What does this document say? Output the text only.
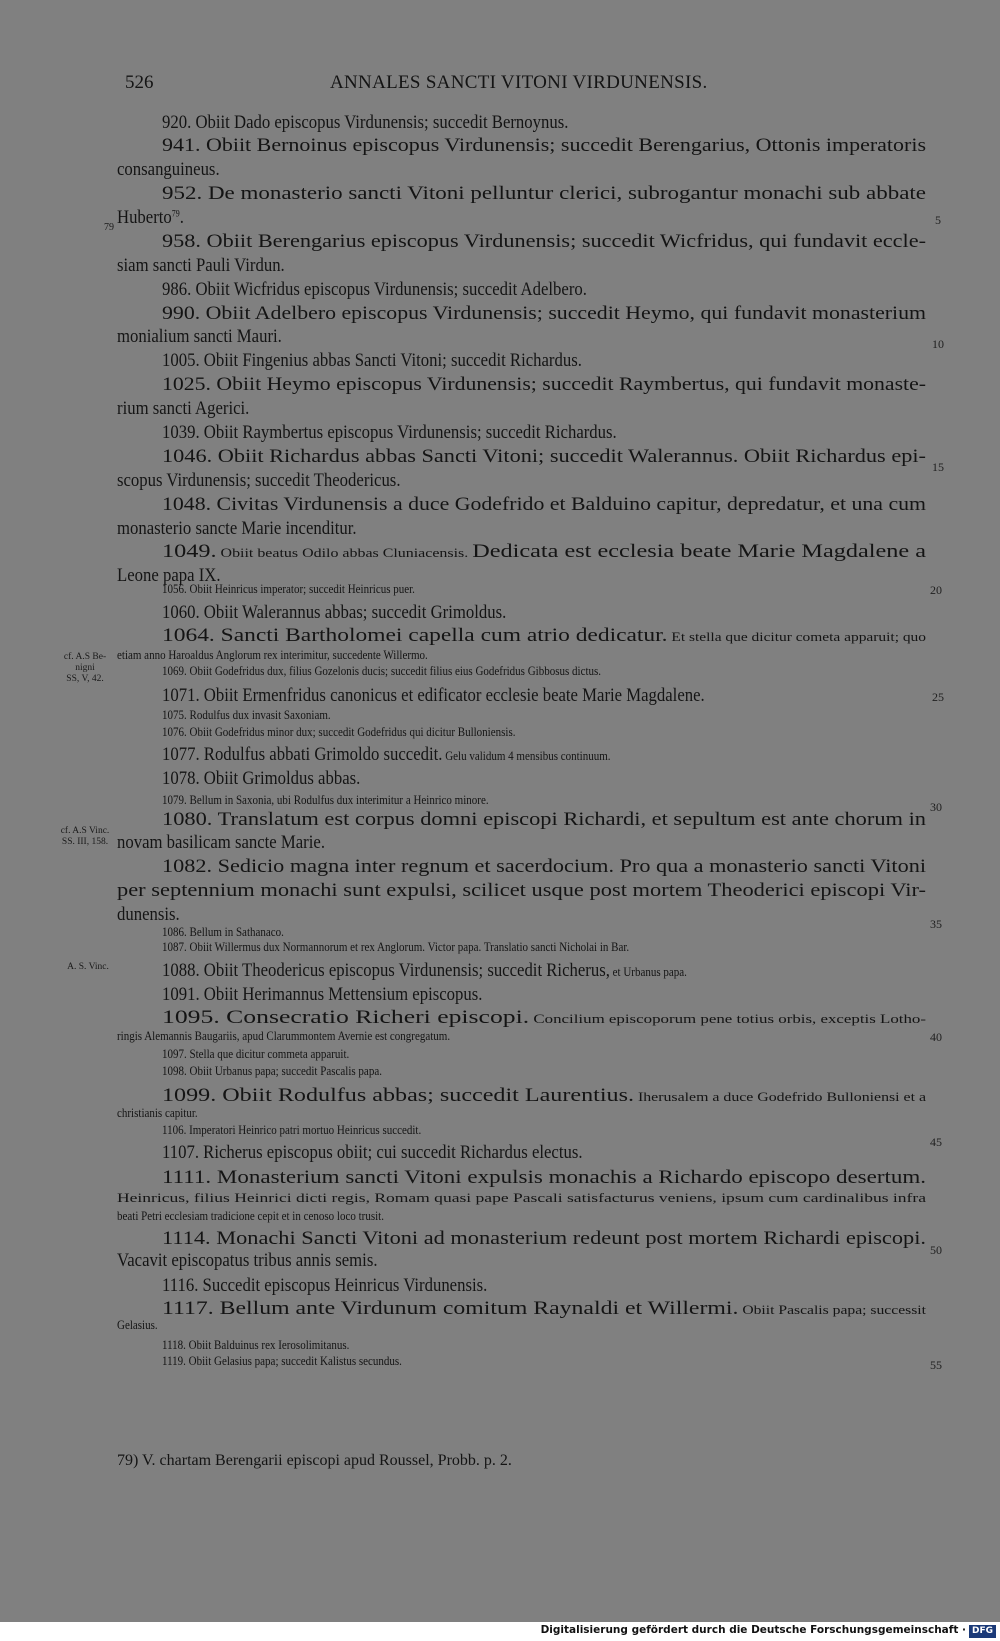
526	ANNALES SANCTI VITONI VIRDUNENSIS.
920. Obiit Dado episcopus Virdunensis; succedit Bernoynus.
941. Obiit Bernoinus episcopus Virdunensis; succedit Berengarius, Ottonis imperatoris
consanguineus.
952. De monasterio sancti Vitoni pelluntur clerici, subrogantur monachi sub abbate
Huberto$^{79}$.
958. Obiit Berengarius episcopus Virdunensis; succedit Wicfridus, qui fundavit eccle-
siam sancti Pauli Virdun.
986. Obiit Wicfridus episcopus Virdunensis; succedit Adelbero.
990. Obiit Adelbero episcopus Virdunensis; succedit Heymo, qui fundavit monasterium
monialium sancti Mauri.
1005. Obiit Fingenius abbas Sancti Vitoni; succedit Richardus.
1025. Obiit Heymo episcopus Virdunensis; succedit Raymbertus, qui fundavit monaste-
rium sancti Agerici.
1039. Obiit Raymbertus episcopus Virdunensis; succedit Richardus.
1046. Obiit Richardus abbas Sancti Vitoni; succedit Walerannus. Obiit Richardus epi-
scopus Virdunensis; succedit Theodericus.
1048. Civitas Virdunensis a duce Godefrido et Balduino capitur, depredatur, et una cum
monasterio sancte Marie incenditur.
1049. Obiit beatus Odilo abbas Cluniacensis. Dedicata est ecclesia beate Marie Magdalene a
Leone papa IX.
1056. Obiit Heinricus imperator; succedit Heinricus puer.
1060. Obiit Walerannus abbas; succedit Grimoldus.
1064. Sancti Bartholomei capella cum atrio dedicatur. Et stella que dicitur cometa apparuit; quo
etiam anno Haroaldus Anglorum rex interimitur, succedente Willermo.
1069. Obiit Godefridus dux, filius Gozelonis ducis; succedit filius eius Godefridus Gibbosus dictus.
1071. Obiit Ermenfridus canonicus et edificator ecclesie beate Marie Magdalene.
1075. Rodulfus dux invasit Saxoniam.
1076. Obiit Godefridus minor dux; succedit Godefridus qui dicitur Bulloniensis.
1077. Rodulfus abbati Grimoldo succedit. Gelu validum 4 mensibus continuum.
1078. Obiit Grimoldus abbas.
1079. Bellum in Saxonia, ubi Rodulfus dux interimitur a Heinrico minore.
1080. Translatum est corpus domni episcopi Richardi, et sepultum est ante chorum in
novam basilicam sancte Marie.
1082. Sedicio magna inter regnum et sacerdocium. Pro qua a monasterio sancti Vitoni
per septennium monachi sunt expulsi, scilicet usque post mortem Theoderici episcopi Vir-
dunensis.
1086. Bellum in Sathanaco.
1087. Obiit Willermus dux Normannorum et rex Anglorum. Victor papa. Translatio sancti Nicholai in Bar.
1088. Obiit Theodericus episcopus Virdunensis; succedit Richerus, et Urbanus papa.
1091. Obiit Herimannus Mettensium episcopus.
1095. Consecratio Richeri episcopi. Concilium episcoporum pene totius orbis, exceptis Lotho-
ringis Alemannis Baugariis, apud Clarummontem Avernie est congregatum.
1097. Stella que dicitur commeta apparuit.
1098. Obiit Urbanus papa; succedit Pascalis papa.
1099. Obiit Rodulfus abbas; succedit Laurentius. Iherusalem a duce Godefrido Bulloniensi et a
christianis capitur.
1106. Imperatori Heinrico patri mortuo Heinricus succedit.
1107. Richerus episcopus obiit; cui succedit Richardus electus.
1111. Monasterium sancti Vitoni expulsis monachis a Richardo episcopo desertum.
Heinricus, filius Heinrici dicti regis, Romam quasi pape Pascali satisfacturus veniens, ipsum cum cardinalibus infra
beati Petri ecclesiam tradicione cepit et in cenoso loco trusit.
1114. Monachi Sancti Vitoni ad monasterium redeunt post mortem Richardi episcopi.
Vacavit episcopatus tribus annis semis.
1116. Succedit episcopus Heinricus Virdunensis.
1117. Bellum ante Virdunum comitum Raynaldi et Willermi. Obiit Pascalis papa; successit
Gelasius.
1118. Obiit Balduinus rex Ierosolimitanus.
1119. Obiit Gelasius papa; succedit Kalistus secundus.
5
10
15
20
25
30
35
40
45
50
55
79
cf. A.S Be-
nigni
SS, V, 42.
cf. A.S Vinc.
SS. III, 158.
A. S. Vinc.
79) V. chartam Berengarii episcopi apud Roussel, Probb. p. 2.
Digitalisierung gefördert durch die Deutsche Forschungsgemeinschaft · DFG
